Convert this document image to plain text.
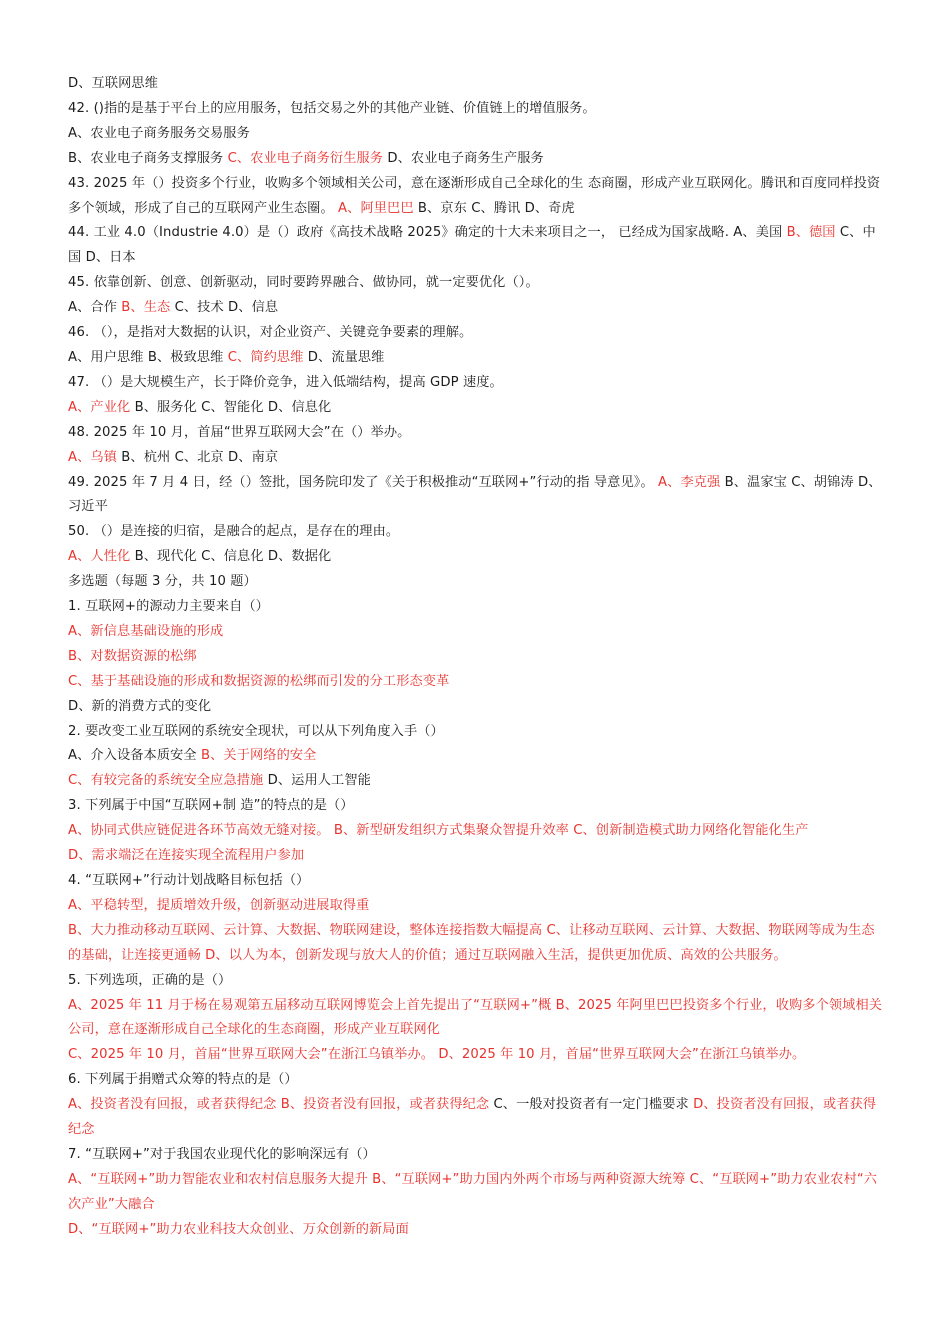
D、互联网思维

42. ()指的是基于平台上的应用服务，包括交易之外的其他产业链、价值链上的增值服务。

A、农业电子商务服务交易服务

B、农业电子商务支撑服务 C、农业电子商务衍生服务 D、农业电子商务生产服务

43. 2025 年（）投资多个行业，收购多个领域相关公司，意在逐渐形成自己全球化的生 态商圈，形成产业互联网化。腾讯和百度同样投资多个领域，形成了自己的互联网产业生态圈。 A、阿里巴巴 B、京东 C、腾讯 D、奇虎

44. 工业 4.0（Industrie 4.0）是（）政府《高技术战略 2025》确定的十大未来项目之一， 已经成为国家战略. A、美国 B、德国 C、中国 D、日本

45. 依靠创新、创意、创新驱动，同时要跨界融合、做协同，就一定要优化（）。

A、合作 B、生态 C、技术 D、信息

46. （），是指对大数据的认识，对企业资产、关键竞争要素的理解。

A、用户思维 B、极致思维 C、简约思维 D、流量思维

47. （）是大规模生产，长于降价竞争，进入低端结构，提高 GDP 速度。

A、产业化 B、服务化 C、智能化 D、信息化

48. 2025 年 10 月，首届“世界互联网大会”在（）举办。

A、乌镇 B、杭州 C、北京 D、南京

49. 2025 年 7 月 4 日，经（）签批，国务院印发了《关于积极推动“互联网+”行动的指 导意见》。 A、李克强 B、温家宝 C、胡锦涛 D、习近平

50. （）是连接的归宿，是融合的起点，是存在的理由。

A、人性化 B、现代化 C、信息化 D、数据化

多选题（每题 3 分，共 10 题）

1. 互联网+的源动力主要来自（）

A、新信息基础设施的形成

B、对数据资源的松绑

C、基于基础设施的形成和数据资源的松绑而引发的分工形态变革

D、新的消费方式的变化

2. 要改变工业互联网的系统安全现状，可以从下列角度入手（）

A、介入设备本质安全 B、关于网络的安全

C、有较完备的系统安全应急措施 D、运用人工智能

3. 下列属于中国“互联网+制 造”的特点的是（）

A、协同式供应链促进各环节高效无缝对接。 B、新型研发组织方式集聚众智提升效率 C、创新制造模式助力网络化智能化生产

D、需求端泛在连接实现全流程用户参加

4. “互联网+”行动计划战略目标包括（）

A、平稳转型，提质增效升级，创新驱动进展取得重

B、大力推动移动互联网、云计算、大数据、物联网建设，整体连接指数大幅提高 C、让移动互联网、云计算、大数据、物联网等成为生态的基础，让连接更通畅 D、以人为本，创新发现与放大人的价值；通过互联网融入生活，提供更加优质、高效的公共服务。

5. 下列选项，正确的是（）

A、2025 年 11 月于杨在易观第五届移动互联网博览会上首先提出了“互联网+”概 B、2025 年阿里巴巴投资多个行业，收购多个领域相关公司，意在逐渐形成自己全球化的生态商圈，形成产业互联网化

C、2025 年 10 月，首届“世界互联网大会”在浙江乌镇举办。 D、2025 年 10 月，首届“世界互联网大会”在浙江乌镇举办。

6. 下列属于捐赠式众筹的特点的是（）

A、投资者没有回报，或者获得纪念 B、投资者没有回报，或者获得纪念 C、一般对投资者有一定门槛要求 D、投资者没有回报，或者获得纪念

7. “互联网+”对于我国农业现代化的影响深远有（）

A、“互联网+”助力智能农业和农村信息服务大提升 B、“互联网+”助力国内外两个市场与两种资源大统筹 C、“互联网+”助力农业农村“六次产业”大融合

D、“互联网+”助力农业科技大众创业、万众创新的新局面
